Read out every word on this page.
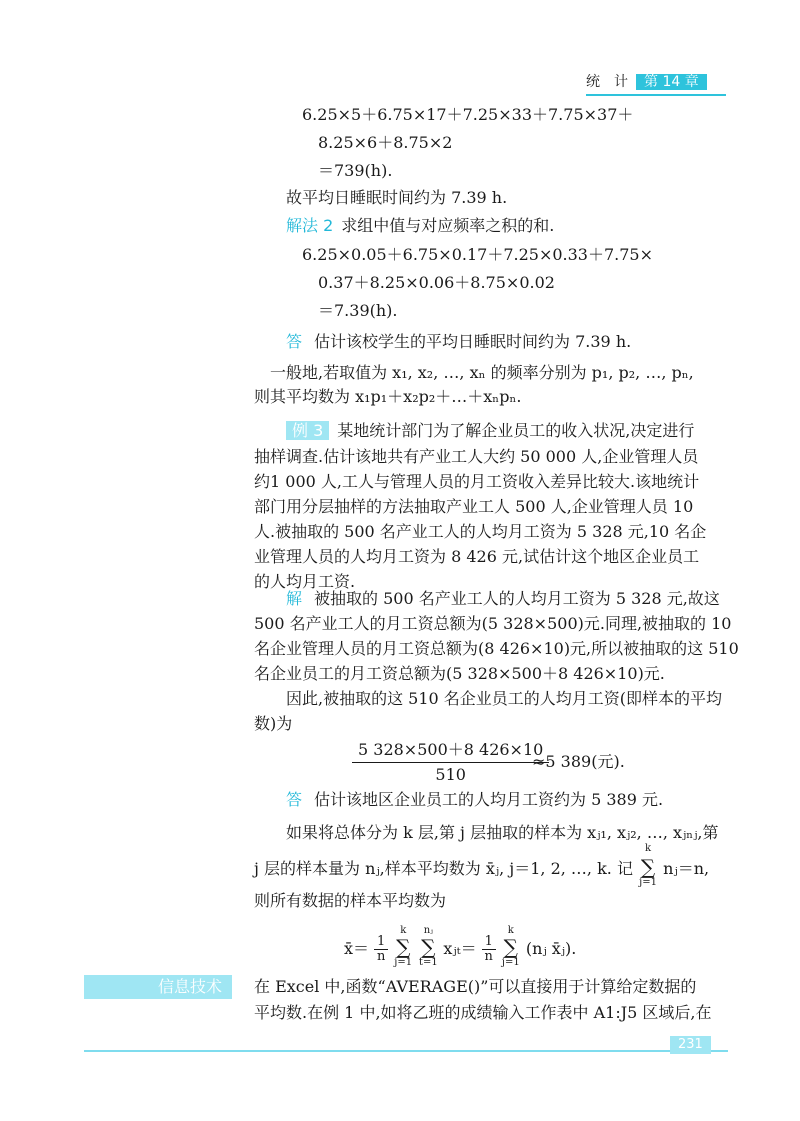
统　计 第 14 章
6.25×5＋6.75×17＋7.25×33＋7.75×37＋
8.25×6＋8.75×2
＝739(h).
故平均日睡眠时间约为 7.39 h.
解法 2 求组中值与对应频率之积的和.
6.25×0.05＋6.75×0.17＋7.25×0.33＋7.75×
0.37＋8.25×0.06＋8.75×0.02
＝7.39(h).
答 估计该校学生的平均日睡眠时间约为 7.39 h.
一般地,若取值为 x₁, x₂, …, xₙ 的频率分别为 p₁, p₂, …, pₙ,
则其平均数为 x₁p₁＋x₂p₂＋…＋xₙpₙ.
例 3 某地统计部门为了解企业员工的收入状况,决定进行
抽样调查.估计该地共有产业工人大约 50 000 人,企业管理人员
约1 000 人,工人与管理人员的月工资收入差异比较大.该地统计
部门用分层抽样的方法抽取产业工人 500 人,企业管理人员 10
人.被抽取的 500 名产业工人的人均月工资为 5 328 元,10 名企
业管理人员的人均月工资为 8 426 元,试估计这个地区企业员工
的人均月工资.
解 被抽取的 500 名产业工人的人均月工资为 5 328 元,故这
500 名产业工人的月工资总额为(5 328×500)元.同理,被抽取的 10
名企业管理人员的月工资总额为(8 426×10)元,所以被抽取的这 510
名企业员工的月工资总额为(5 328×500＋8 426×10)元.
因此,被抽取的这 510 名企业员工的人均月工资(即样本的平均
数)为
$\frac{5 328\times 500+8 426\times 10}{510}$
≈5 389(元).
答 估计该地区企业员工的人均月工资约为 5 389 元.
如果将总体分为 k 层,第 j 层抽取的样本为 xⱼ₁, xⱼ₂, …, xⱼₙⱼ,第
j 层的样本量为 nⱼ,样本平均数为 x̄ⱼ, j＝1, 2, …, k. 记
k
∑
j=1
nⱼ＝n,
则所有数据的样本平均数为
x̄＝ $\frac{1}{n}$

k
∑
j=1

nⱼ
∑
t=1
xⱼₜ＝ $\frac{1}{n}$

k
∑
j=1
(nⱼ x̄ⱼ).
信息技术	在 Excel 中,函数“AVERAGE()”可以直接用于计算给定数据的
平均数.在例 1 中,如将乙班的成绩输入工作表中 A1:J5 区域后,在
231
